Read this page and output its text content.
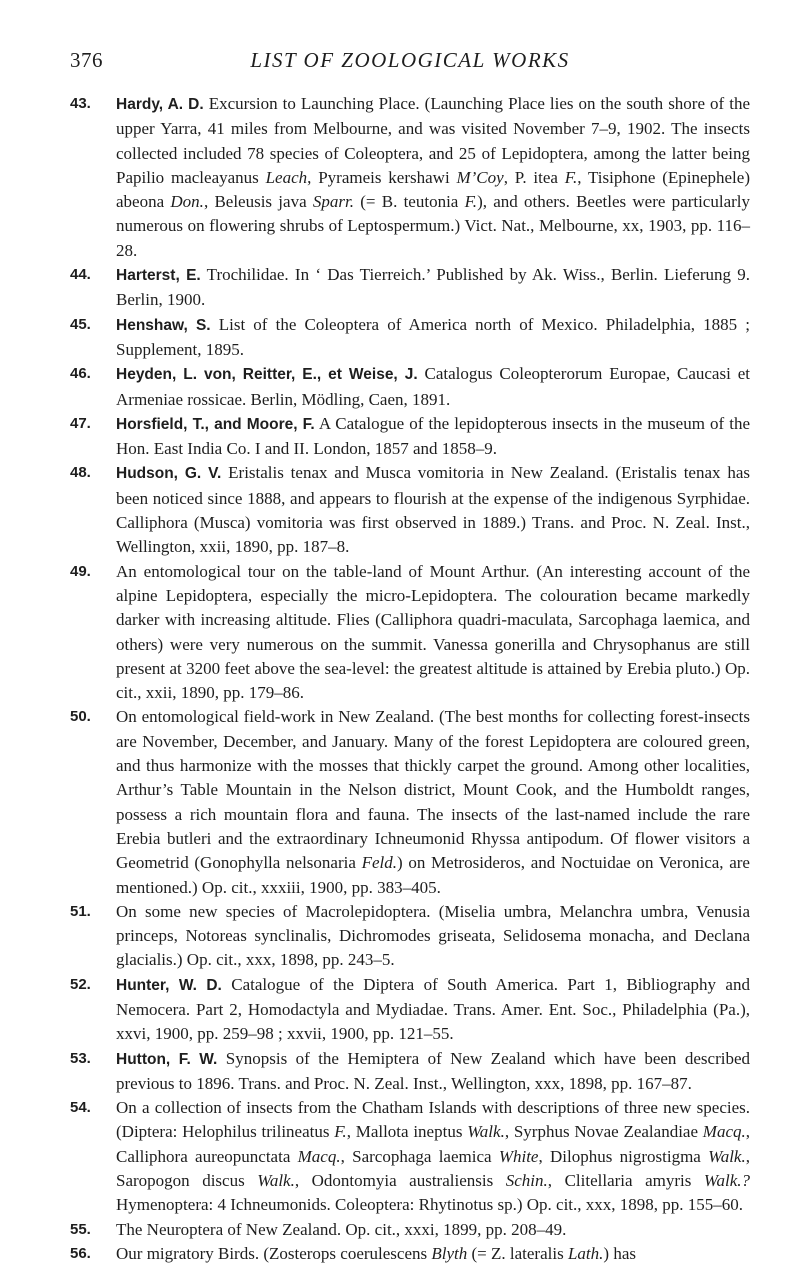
376	LIST OF ZOOLOGICAL WORKS
43. Hardy, A. D. Excursion to Launching Place. (Launching Place lies on the south shore of the upper Yarra, 41 miles from Melbourne, and was visited November 7–9, 1902. The insects collected included 78 species of Coleoptera, and 25 of Lepidoptera, among the latter being Papilio macleayanus Leach, Pyrameis kershawi M’Coy, P. itea F., Tisiphone (Epinephele) abeona Don., Beleusis java Sparr. (= B. teutonia F.), and others. Beetles were particularly numerous on flowering shrubs of Leptospermum.) Vict. Nat., Melbourne, xx, 1903, pp. 116–28.
44. Harterst, E. Trochilidae. In ‘ Das Tierreich.’ Published by Ak. Wiss., Berlin. Lieferung 9. Berlin, 1900.
45. Henshaw, S. List of the Coleoptera of America north of Mexico. Philadelphia, 1885 ; Supplement, 1895.
46. Heyden, L. von, Reitter, E., et Weise, J. Catalogus Coleopterorum Europae, Caucasi et Armeniae rossicae. Berlin, Mödling, Caen, 1891.
47. Horsfield, T., and Moore, F. A Catalogue of the lepidopterous insects in the museum of the Hon. East India Co. I and II. London, 1857 and 1858–9.
48. Hudson, G. V. Eristalis tenax and Musca vomitoria in New Zealand. (Eristalis tenax has been noticed since 1888, and appears to flourish at the expense of the indigenous Syrphidae. Calliphora (Musca) vomitoria was first observed in 1889.) Trans. and Proc. N. Zeal. Inst., Wellington, xxii, 1890, pp. 187–8.
49. An entomological tour on the table-land of Mount Arthur. (An interesting account of the alpine Lepidoptera, especially the micro-Lepidoptera. The colouration became markedly darker with increasing altitude. Flies (Calliphora quadri-maculata, Sarcophaga laemica, and others) were very numerous on the summit. Vanessa gonerilla and Chrysophanus are still present at 3200 feet above the sea-level: the greatest altitude is attained by Erebia pluto.) Op. cit., xxii, 1890, pp. 179–86.
50. On entomological field-work in New Zealand. (The best months for collecting forest-insects are November, December, and January. Many of the forest Lepidoptera are coloured green, and thus harmonize with the mosses that thickly carpet the ground. Among other localities, Arthur’s Table Mountain in the Nelson district, Mount Cook, and the Humboldt ranges, possess a rich mountain flora and fauna. The insects of the last-named include the rare Erebia butleri and the extraordinary Ichneumonid Rhyssa antipodum. Of flower visitors a Geometrid (Gonophylla nelsonaria Feld.) on Metrosideros, and Noctuidae on Veronica, are mentioned.) Op. cit., xxxiii, 1900, pp. 383–405.
51. On some new species of Macrolepidoptera. (Miselia umbra, Melanchra umbra, Venusia princeps, Notoreas synclinalis, Dichromodes griseata, Selidosema monacha, and Declana glacialis.) Op. cit., xxx, 1898, pp. 243–5.
52. Hunter, W. D. Catalogue of the Diptera of South America. Part 1, Bibliography and Nemocera. Part 2, Homodactyla and Mydiadae. Trans. Amer. Ent. Soc., Philadelphia (Pa.), xxvi, 1900, pp. 259–98 ; xxvii, 1900, pp. 121–55.
53. Hutton, F. W. Synopsis of the Hemiptera of New Zealand which have been described previous to 1896. Trans. and Proc. N. Zeal. Inst., Wellington, xxx, 1898, pp. 167–87.
54. On a collection of insects from the Chatham Islands with descriptions of three new species. (Diptera: Helophilus trilineatus F., Mallota ineptus Walk., Syrphus Novae Zealandiae Macq., Calliphora aureopunctata Macq., Sarcophaga laemica White, Dilophus nigrostigma Walk., Saropogon discus Walk., Odontomyia australiensis Schin., Clitellaria amyris Walk.? Hymenoptera: 4 Ichneumonids. Coleoptera: Rhytinotus sp.) Op. cit., xxx, 1898, pp. 155–60.
55. The Neuroptera of New Zealand. Op. cit., xxxi, 1899, pp. 208–49.
56. Our migratory Birds. (Zosterops coerulescens Blyth (= Z. lateralis Lath.) has
